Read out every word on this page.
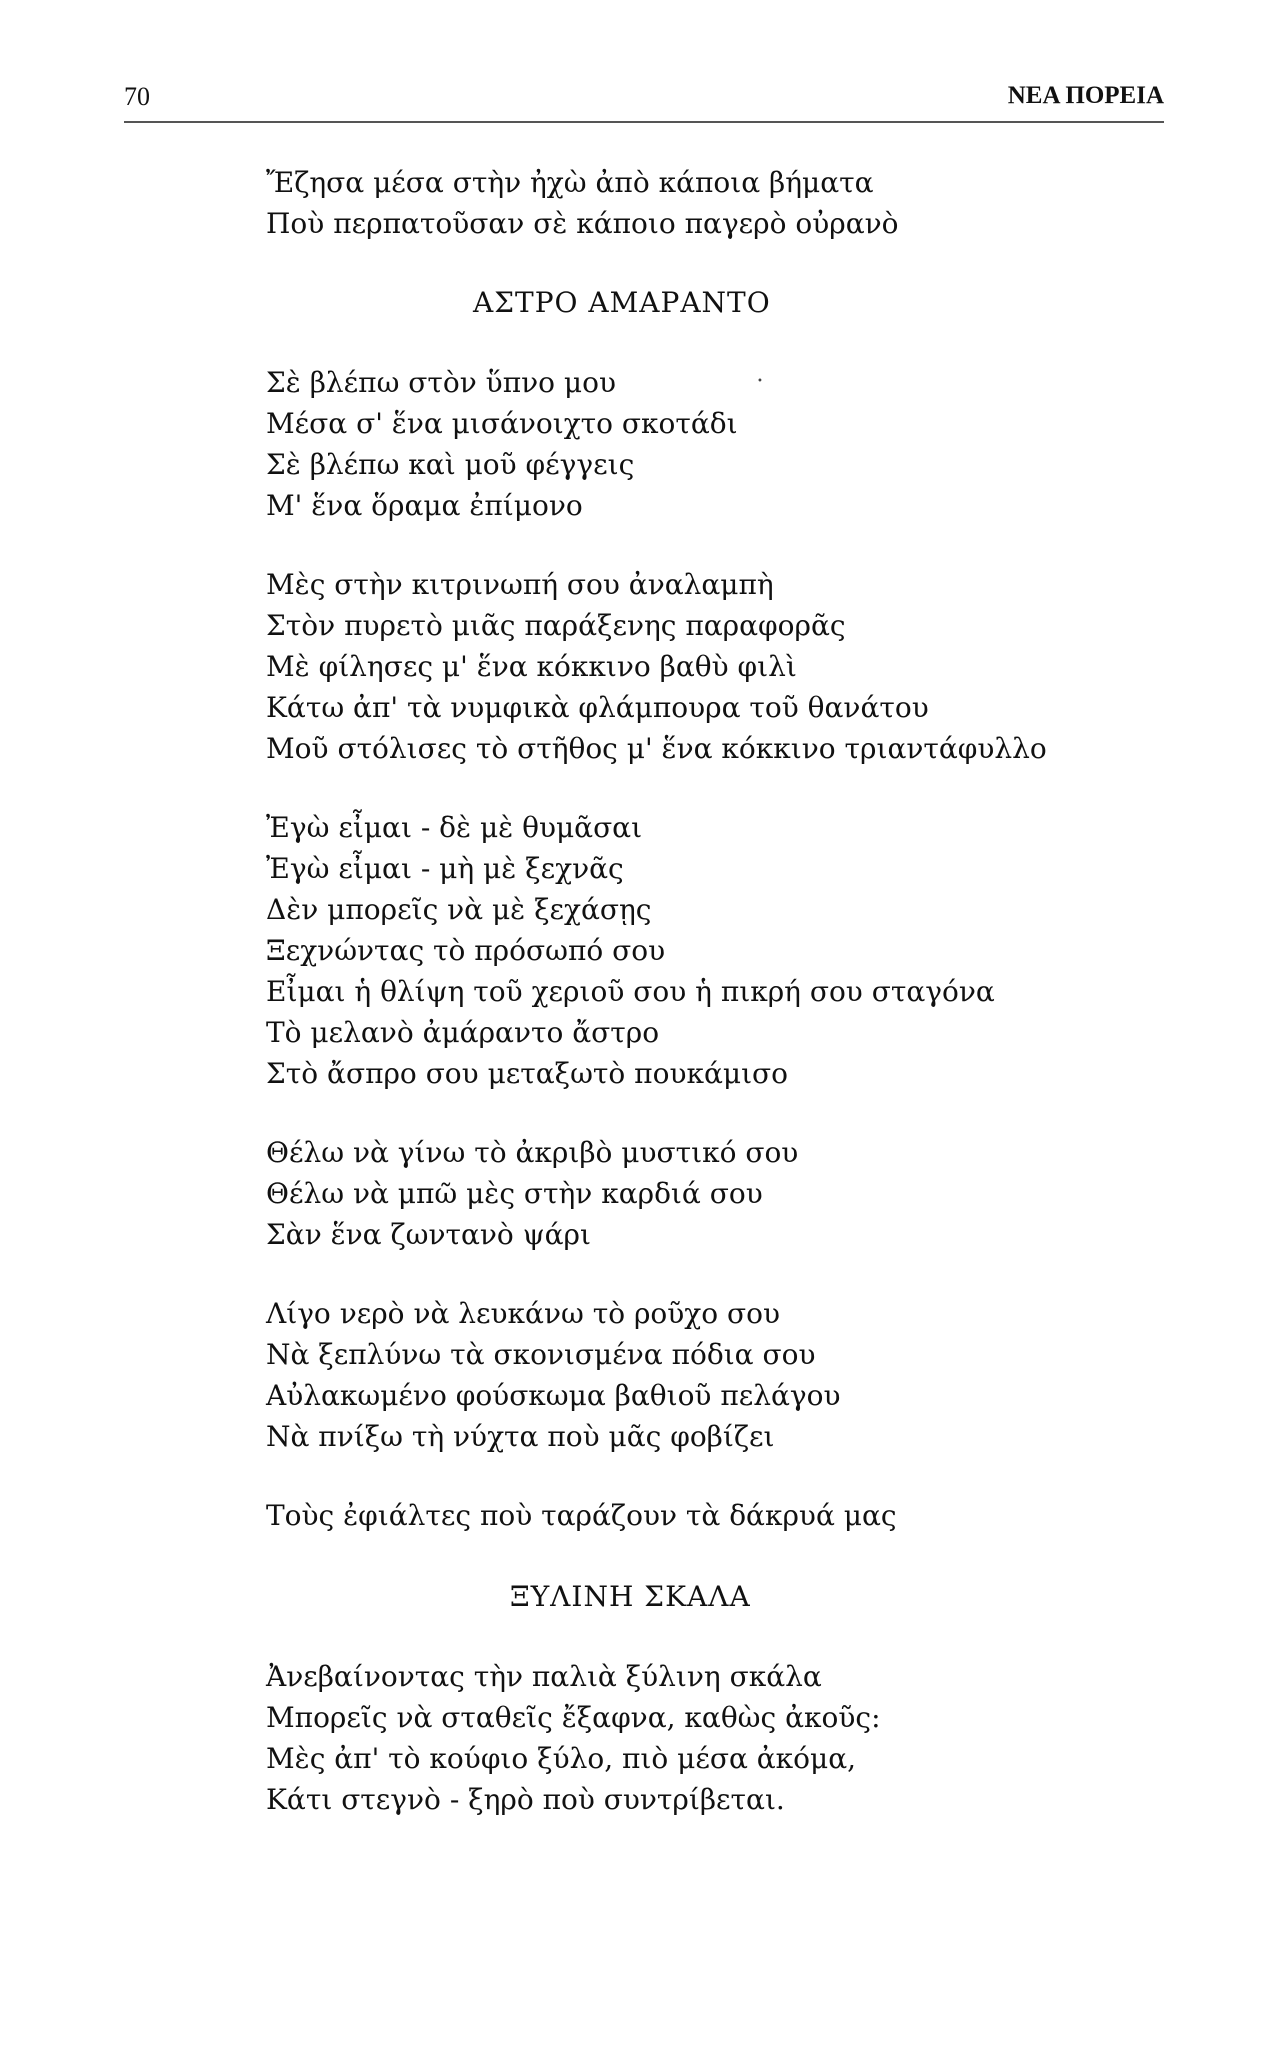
70	ΝΕΑ ΠΟΡΕΙΑ
•
Ἔζησα μέσα στὴν ἠχὼ ἀπὸ κάποια βήματα
Ποὺ περπατοῦσαν σὲ κάποιο παγερὸ οὐρανὸ
ΑΣΤΡΟ ΑΜΑΡΑΝΤΟ
Σὲ βλέπω στὸν ὕπνο μου
Μέσα σ' ἕνα μισάνοιχτο σκοτάδι
Σὲ βλέπω καὶ μοῦ φέγγεις
Μ' ἕνα ὅραμα ἐπίμονο
Μὲς στὴν κιτρινωπή σου ἀναλαμπὴ
Στὸν πυρετὸ μιᾶς παράξενης παραφορᾶς
Μὲ φίλησες μ' ἕνα κόκκινο βαθὺ φιλὶ
Κάτω ἀπ' τὰ νυμφικὰ φλάμπουρα τοῦ θανάτου
Μοῦ στόλισες τὸ στῆθος μ' ἕνα κόκκινο τριαντάφυλλο
Ἐγὼ εἶμαι - δὲ μὲ θυμᾶσαι
Ἐγὼ εἶμαι - μὴ μὲ ξεχνᾶς
Δὲν μπορεῖς νὰ μὲ ξεχάσῃς
Ξεχνώντας τὸ πρόσωπό σου
Εἶμαι ἡ θλίψη τοῦ χεριοῦ σου ἡ πικρή σου σταγόνα
Τὸ μελανὸ ἀμάραντο ἄστρο
Στὸ ἄσπρο σου μεταξωτὸ πουκάμισο
Θέλω νὰ γίνω τὸ ἀκριβὸ μυστικό σου
Θέλω νὰ μπῶ μὲς στὴν καρδιά σου
Σὰν ἕνα ζωντανὸ ψάρι
Λίγο νερὸ νὰ λευκάνω τὸ ροῦχο σου
Νὰ ξεπλύνω τὰ σκονισμένα πόδια σου
Αὐλακωμένο φούσκωμα βαθιοῦ πελάγου
Νὰ πνίξω τὴ νύχτα ποὺ μᾶς φοβίζει
Τοὺς ἐφιάλτες ποὺ ταράζουν τὰ δάκρυά μας
ΞΥΛΙΝΗ ΣΚΑΛΑ
Ἀνεβαίνοντας τὴν παλιὰ ξύλινη σκάλα
Μπορεῖς νὰ σταθεῖς ἔξαφνα, καθὼς ἀκοῦς:
Μὲς ἀπ' τὸ κούφιο ξύλο, πιὸ μέσα ἀκόμα,
Κάτι στεγνὸ - ξηρὸ ποὺ συντρίβεται.
